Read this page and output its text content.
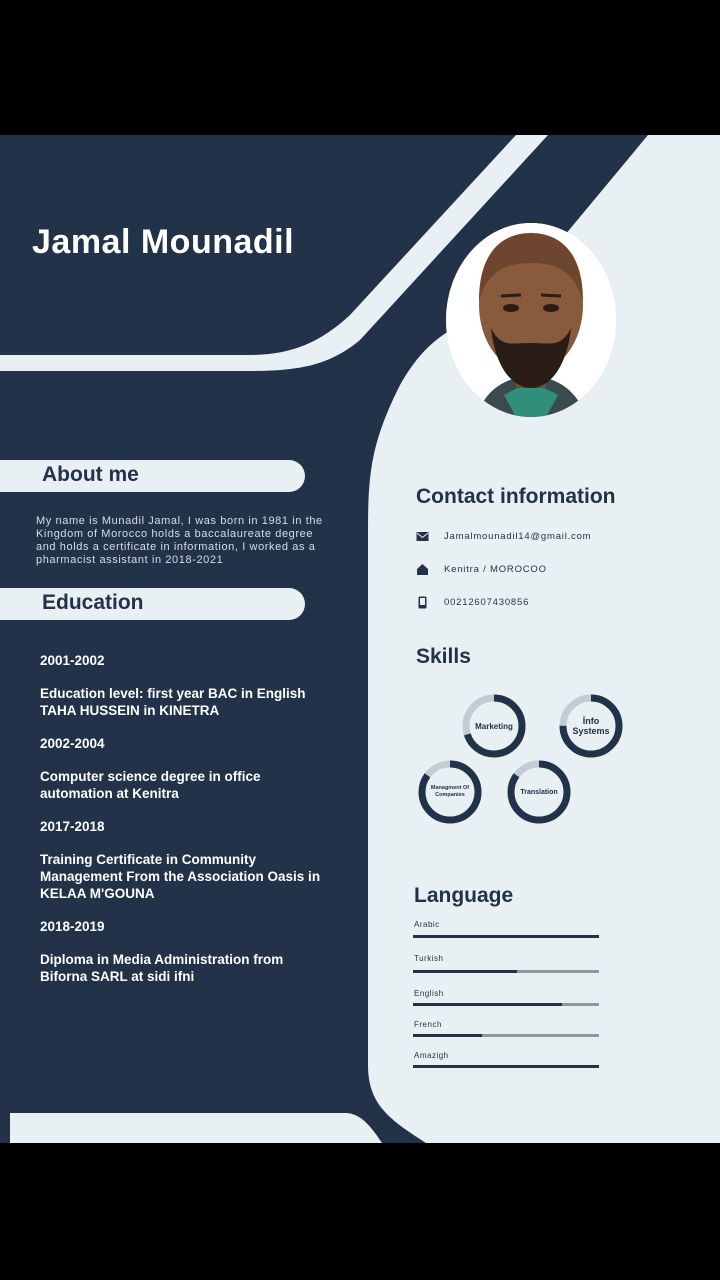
Jamal Mounadil
About me
My name is Munadil Jamal, I was born in 1981 in the Kingdom of Morocco holds a baccalaureate degree and holds a certificate in information, I worked as a pharmacist assistant in 2018-2021
Education
2001-2002
Education level: first year BAC in English TAHA HUSSEIN in KINETRA
2002-2004
Computer science degree in office automation at Kenitra
2017-2018
Training Certificate in Community Management From the Association Oasis in KELAA M'GOUNA
2018-2019
Diploma in Media Administration from Biforna SARL at sidi ifni
Contact information
Jamalmounadil14@gmail.com
Kenitra / MOROCOO
00212607430856
Skills
Marketing	İnfo Systems
Managment Of Companies	Translation
Language
Arabic
Turkish
English
French
Amazigh
